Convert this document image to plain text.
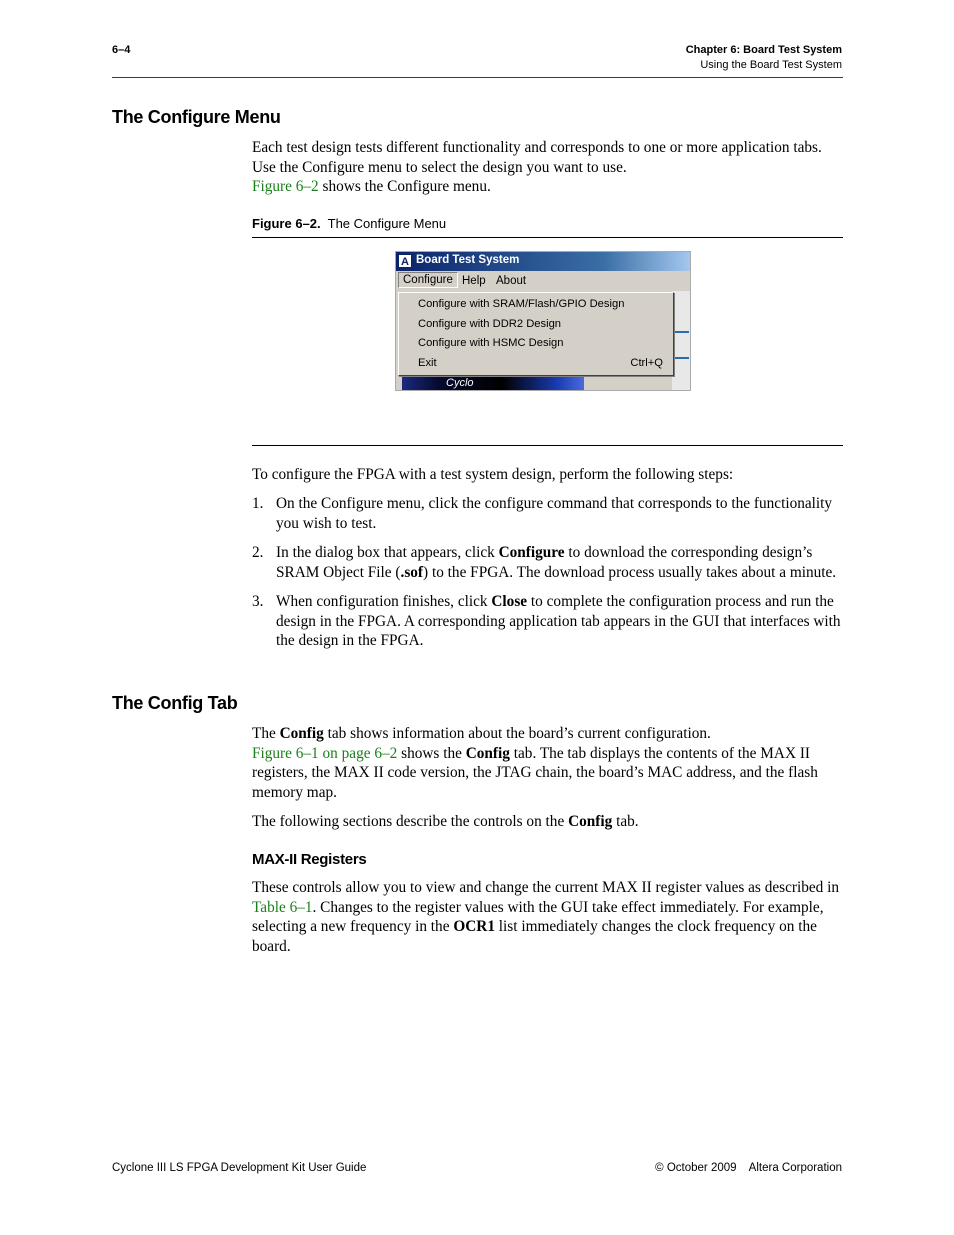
6–4	Chapter 6: Board Test System
Using the Board Test System
The Configure Menu

Each test design tests different functionality and corresponds to one or more application tabs. Use the Configure menu to select the design you want to use.
Figure 6–2 shows the Configure menu.

Figure 6–2.  The Configure Menu
A Board Test System
Configure Help About
Configure with SRAM/Flash/GPIO Design
Configure with DDR2 Design
Configure with HSMC Design
Exit	Ctrl+Q
Cyclo

To configure the FPGA with a test system design, perform the following steps:

1. On the Configure menu, click the configure command that corresponds to the functionality you wish to test.
2. In the dialog box that appears, click Configure to download the corresponding design’s SRAM Object File (.sof) to the FPGA. The download process usually takes about a minute.
3. When configuration finishes, click Close to complete the configuration process and run the design in the FPGA. A corresponding application tab appears in the GUI that interfaces with the design in the FPGA.
The Config Tab

The Config tab shows information about the board’s current configuration.
Figure 6–1 on page 6–2 shows the Config tab. The tab displays the contents of the MAX II registers, the MAX II code version, the JTAG chain, the board’s MAC address, and the flash memory map.

The following sections describe the controls on the Config tab.

MAX-II Registers

These controls allow you to view and change the current MAX II register values as described in Table 6–1. Changes to the register values with the GUI take effect immediately. For example, selecting a new frequency in the OCR1 list immediately changes the clock frequency on the board.

Cyclone III LS FPGA Development Kit User Guide	© October 2009    Altera Corporation
